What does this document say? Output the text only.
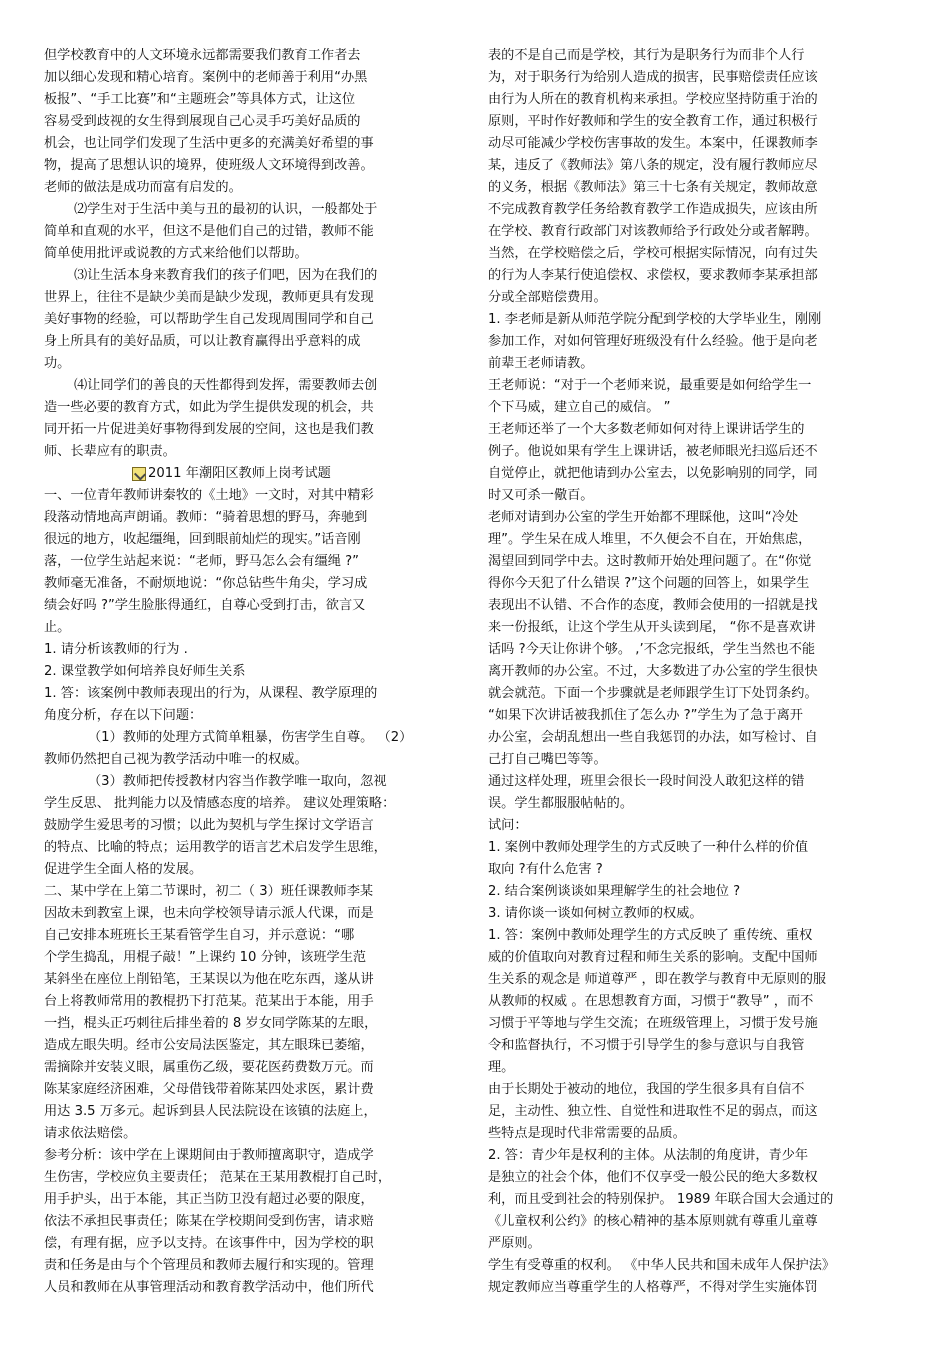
但学校教育中的人文环境永远都需要我们教育工作者去
加以细心发现和精心培育。案例中的老师善于利用“办黑
板报”、“手工比赛”和“主题班会”等具体方式，让这位
容易受到歧视的女生得到展现自己心灵手巧美好品质的
机会，也让同学们发现了生活中更多的充满美好希望的事
物，提高了思想认识的境界，使班级人文环境得到改善。
老师的做法是成功而富有启发的。
⑵学生对于生活中美与丑的最初的认识，一般都处于
简单和直观的水平，但这不是他们自己的过错，教师不能
简单使用批评或说教的方式来给他们以帮助。
⑶让生活本身来教育我们的孩子们吧，因为在我们的
世界上，往往不是缺少美而是缺少发现，教师更具有发现
美好事物的经验，可以帮助学生自己发现周围同学和自己
身上所具有的美好品质，可以让教育赢得出乎意料的成
功。
⑷让同学们的善良的天性都得到发挥，需要教师去创
造一些必要的教育方式，如此为学生提供发现的机会，共
同开拓一片促进美好事物得到发展的空间，这也是我们教
师、长辈应有的职责。
2011 年潮阳区教师上岗考试题
一、一位青年教师讲秦牧的《土地》一文时，对其中精彩
段落动情地高声朗诵。教师：“骑着思想的野马，奔驰到
很远的地方，收起缰绳，回到眼前灿烂的现实。”话音刚
落，一位学生站起来说：“老师，野马怎么会有缰绳 ?”
教师毫无准备，不耐烦地说：“你总钻些牛角尖，学习成
绩会好吗 ?”学生脸胀得通红，自尊心受到打击，欲言又
止。
1. 请分析该教师的行为 .
2. 课堂教学如何培养良好师生关系
1. 答：该案例中教师表现出的行为，从课程、教学原理的
角度分析，存在以下问题：
（1）教师的处理方式简单粗暴，伤害学生自尊。 （2）
教师仍然把自己视为教学活动中唯一的权威。
（3）教师把传授教材内容当作教学唯一取向，忽视
学生反思、 批判能力以及情感态度的培养。 建议处理策略：
鼓励学生爱思考的习惯；以此为契机与学生探讨文学语言
的特点、比喻的特点；运用教学的语言艺术启发学生思维，
促进学生全面人格的发展。
二、某中学在上第二节课时，初二（ 3）班任课教师李某
因故未到教室上课，也未向学校领导请示派人代课，而是
自己安排本班班长王某看管学生自习，并示意说：“哪
个学生捣乱，用棍子敲！”上课约 10 分钟，该班学生范
某斜坐在座位上削铅笔，王某误以为他在吃东西，遂从讲
台上将教师常用的教棍扔下打范某。范某出于本能，用手
一挡，棍头正巧刺往后排坐着的 8 岁女同学陈某的左眼，
造成左眼失明。经市公安局法医鉴定，其左眼珠已萎缩，
需摘除并安装义眼，属重伤乙级，要花医药费数万元。而
陈某家庭经济困难，父母借钱带着陈某四处求医，累计费
用达 3.5 万多元。起诉到县人民法院设在该镇的法庭上，
请求依法赔偿。
参考分析：该中学在上课期间由于教师擅离职守，造成学
生伤害，学校应负主要责任； 范某在王某用教棍打自己时，
用手护头，出于本能，其正当防卫没有超过必要的限度，
依法不承担民事责任；陈某在学校期间受到伤害，请求赔
偿，有理有据，应予以支持。在该事件中，因为学校的职
责和任务是由与个个管理员和教师去履行和实现的。管理
人员和教师在从事管理活动和教育教学活动中，他们所代
表的不是自己而是学校，其行为是职务行为而非个人行
为，对于职务行为给别人造成的损害，民事赔偿责任应该
由行为人所在的教育机构来承担。学校应坚持防重于治的
原则，平时作好教师和学生的安全教育工作，通过积极行
动尽可能减少学校伤害事故的发生。本案中，任课教师李
某，违反了《教师法》第八条的规定，没有履行教师应尽
的义务，根据《教师法》第三十七条有关规定，教师故意
不完成教育教学任务给教育教学工作造成损失，应该由所
在学校、教育行政部门对该教师给予行政处分或者解聘。
当然，在学校赔偿之后，学校可根据实际情况，向有过失
的行为人李某行使追偿权、求偿权，要求教师李某承担部
分或全部赔偿费用。
1. 李老师是新从师范学院分配到学校的大学毕业生，刚刚
参加工作，对如何管理好班级没有什么经验。他于是向老
前辈王老师请教。
王老师说：“对于一个老师来说，最重要是如何给学生一
个下马威，建立自己的威信。 ”
王老师还举了一个大多数老师如何对待上课讲话学生的
例子。他说如果有学生上课讲话，被老师眼光扫巡后还不
自觉停止，就把他请到办公室去，以免影响别的同学，同
时又可杀一儆百。
老师对请到办公室的学生开始都不理睬他，这叫“冷处
理”。学生呆在成人堆里，不久便会不自在，开始焦虑，
渴望回到同学中去。这时教师开始处理问题了。在“你觉
得你今天犯了什么错误 ?”这个问题的回答上，如果学生
表现出不认错、不合作的态度，教师会使用的一招就是找
来一份报纸，让这个学生从开头读到尾， “你不是喜欢讲
话吗 ?今天让你讲个够。 ,’不念完报纸，学生当然也不能
离开教师的办公室。不过，大多数进了办公室的学生很快
就会就范。下面一个步骤就是老师跟学生订下处罚条约。
“如果下次讲话被我抓住了怎么办 ?”学生为了急于离开
办公室，会胡乱想出一些自我惩罚的办法，如写检讨、自
己打自己嘴巴等等。
通过这样处理，班里会很长一段时间没人敢犯这样的错
误。学生都服服帖帖的。
试问：
1. 案例中教师处理学生的方式反映了一种什么样的价值
取向 ?有什么危害 ?
2. 结合案例谈谈如果理解学生的社会地位 ?
3. 请你谈一谈如何树立教师的权威。
1. 答：案例中教师处理学生的方式反映了 重传统、重权
威的价值取向对教育过程和师生关系的影响。支配中国师
生关系的观念是 师道尊严 ，即在教学与教育中无原则的服
从教师的权威 。在思想教育方面，习惯于“教导” ，而不
习惯于平等地与学生交流；在班级管理上，习惯于发号施
令和监督执行，不习惯于引导学生的参与意识与自我管
理。
由于长期处于被动的地位，我国的学生很多具有自信不
足，主动性、独立性、自觉性和进取性不足的弱点，而这
些特点是现时代非常需要的品质。
2. 答：青少年是权利的主体。从法制的角度讲，青少年
是独立的社会个体，他们不仅享受一般公民的绝大多数权
利，而且受到社会的特别保护。 1989 年联合国大会通过的
《儿童权利公约》的核心精神的基本原则就有尊重儿童尊
严原则。
学生有受尊重的权利。 《中华人民共和国未成年人保护法》
规定教师应当尊重学生的人格尊严，不得对学生实施体罚
